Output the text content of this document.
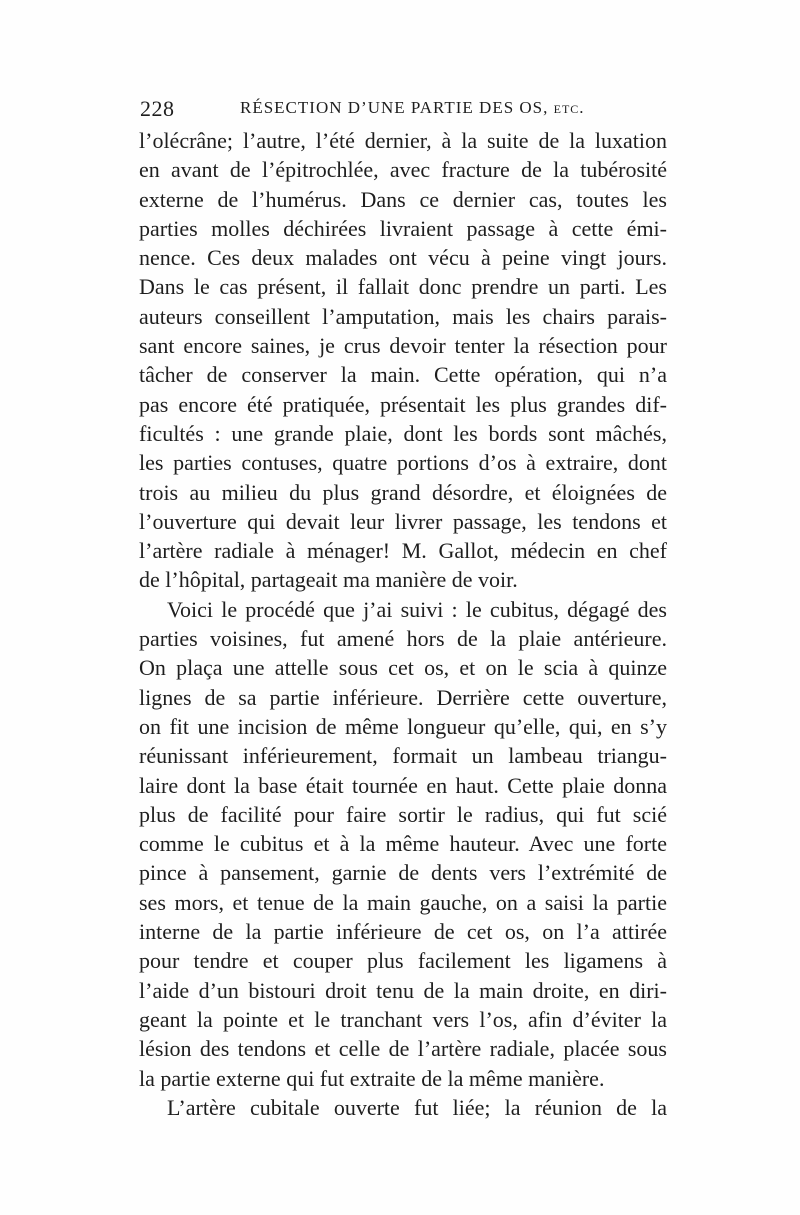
228	RÉSECTION D’UNE PARTIE DES OS, etc.
l’olécrâne; l’autre, l’été dernier, à la suite de la luxation
en avant de l’épitrochlée, avec fracture de la tubérosité
externe de l’humérus. Dans ce dernier cas, toutes les
parties molles déchirées livraient passage à cette émi-
nence. Ces deux malades ont vécu à peine vingt jours.
Dans le cas présent, il fallait donc prendre un parti. Les
auteurs conseillent l’amputation, mais les chairs parais-
sant encore saines, je crus devoir tenter la résection pour
tâcher de conserver la main. Cette opération, qui n’a
pas encore été pratiquée, présentait les plus grandes dif-
ficultés : une grande plaie, dont les bords sont mâchés,
les parties contuses, quatre portions d’os à extraire, dont
trois au milieu du plus grand désordre, et éloignées de
l’ouverture qui devait leur livrer passage, les tendons et
l’artère radiale à ménager! M. Gallot, médecin en chef
de l’hôpital, partageait ma manière de voir.
Voici le procédé que j’ai suivi : le cubitus, dégagé des
parties voisines, fut amené hors de la plaie antérieure.
On plaça une attelle sous cet os, et on le scia à quinze
lignes de sa partie inférieure. Derrière cette ouverture,
on fit une incision de même longueur qu’elle, qui, en s’y
réunissant inférieurement, formait un lambeau triangu-
laire dont la base était tournée en haut. Cette plaie donna
plus de facilité pour faire sortir le radius, qui fut scié
comme le cubitus et à la même hauteur. Avec une forte
pince à pansement, garnie de dents vers l’extrémité de
ses mors, et tenue de la main gauche, on a saisi la partie
interne de la partie inférieure de cet os, on l’a attirée
pour tendre et couper plus facilement les ligamens à
l’aide d’un bistouri droit tenu de la main droite, en diri-
geant la pointe et le tranchant vers l’os, afin d’éviter la
lésion des tendons et celle de l’artère radiale, placée sous
la partie externe qui fut extraite de la même manière.
L’artère cubitale ouverte fut liée; la réunion de la
